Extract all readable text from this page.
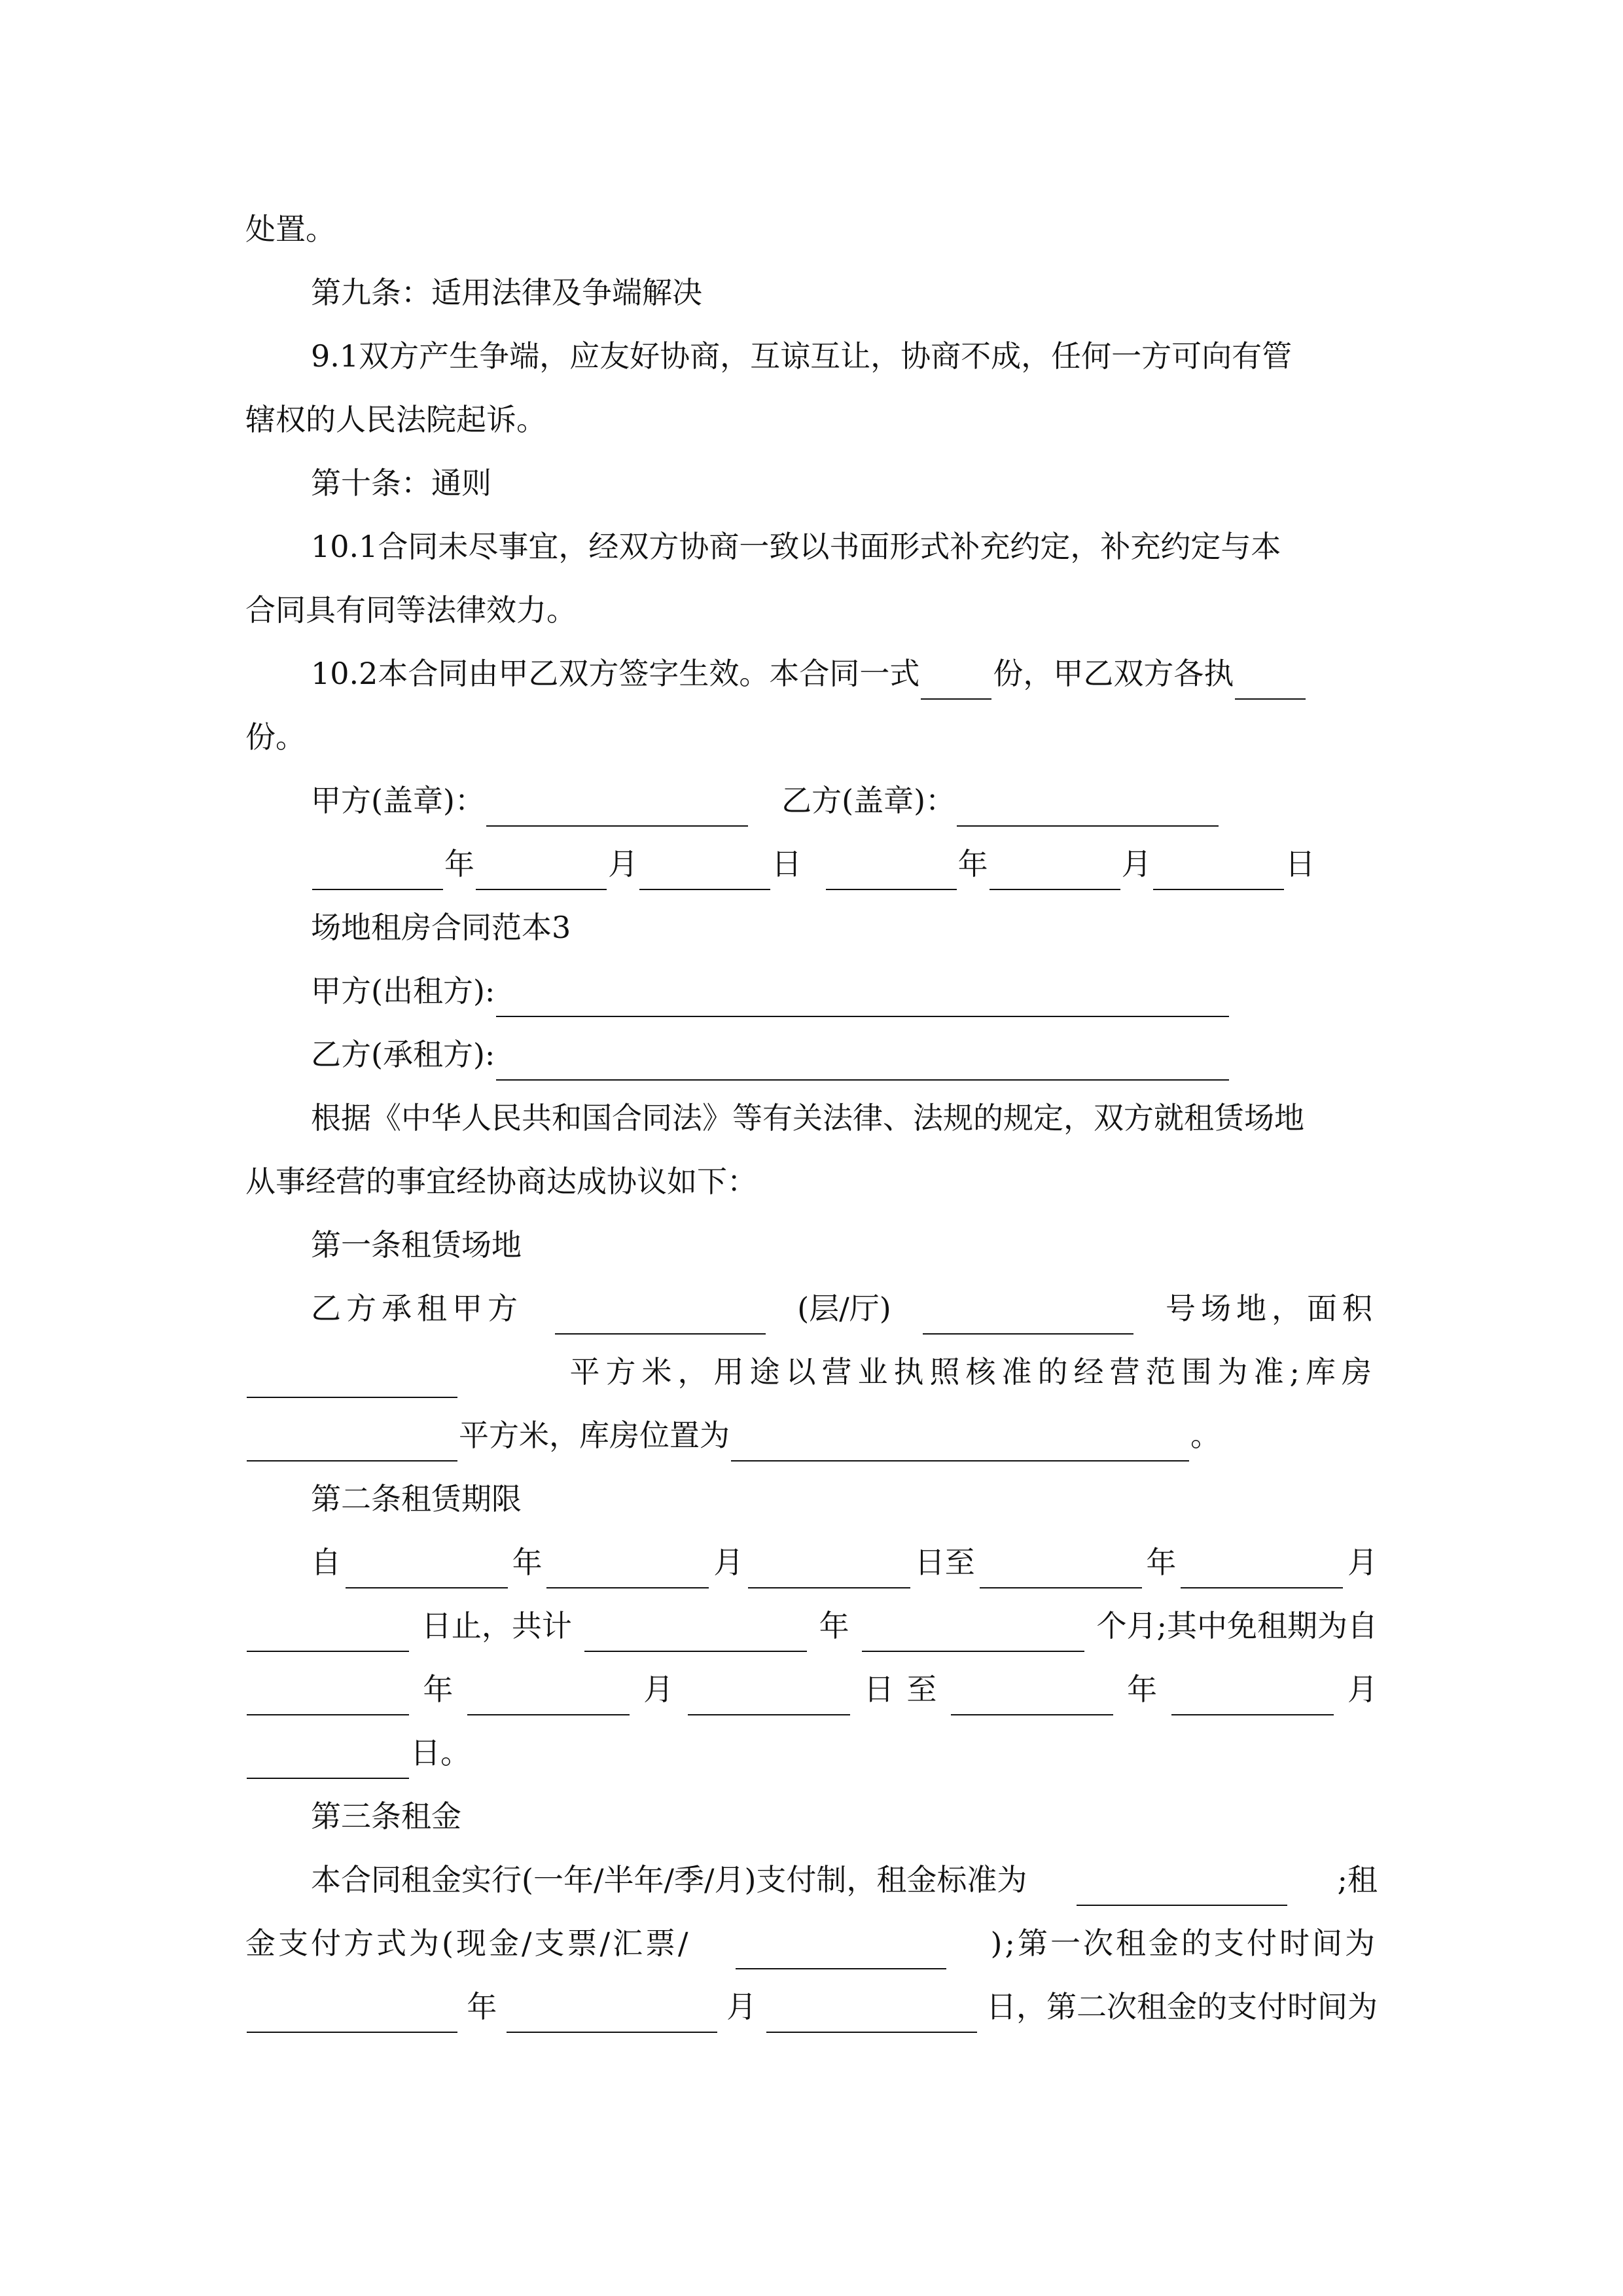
处置。
第九条：适用法律及争端解决
9.1双方产生争端，应友好协商，互谅互让，协商不成，任何一方可向有管
辖权的人民法院起诉。
第十条：通则
10.1合同未尽事宜，经双方协商一致以书面形式补充约定，补充约定与本
合同具有同等法律效力。
10.2本合同由甲乙双方签字生效。本合同一式 份，甲乙双方各执
份。
甲方(盖章)：	乙方(盖章)：
年	月	日	年	月	日
场地租房合同范本3
甲方(出租方):
乙方(承租方):
根据《中华人民共和国合同法》等有关法律、法规的规定，双方就租赁场地
从事经营的事宜经协商达成协议如下：
第一条租赁场地
乙方承租甲方	(层/厅)	号场地，面积
平方米，用途以营业执照核准的经营范围为准;库房
平方米，库房位置为	。
第二条租赁期限
自	年	月	日至	年	月
日止，共计	年	个月;其中免租期为自
年	月	日 至	年	月
日。
第三条租金
本合同租金实行(一年/半年/季/月)支付制，租金标准为	;租
金支付方式为(现金/支票/汇票/	);第一次租金的支付时间为
年	月	日，第二次租金的支付时间为
